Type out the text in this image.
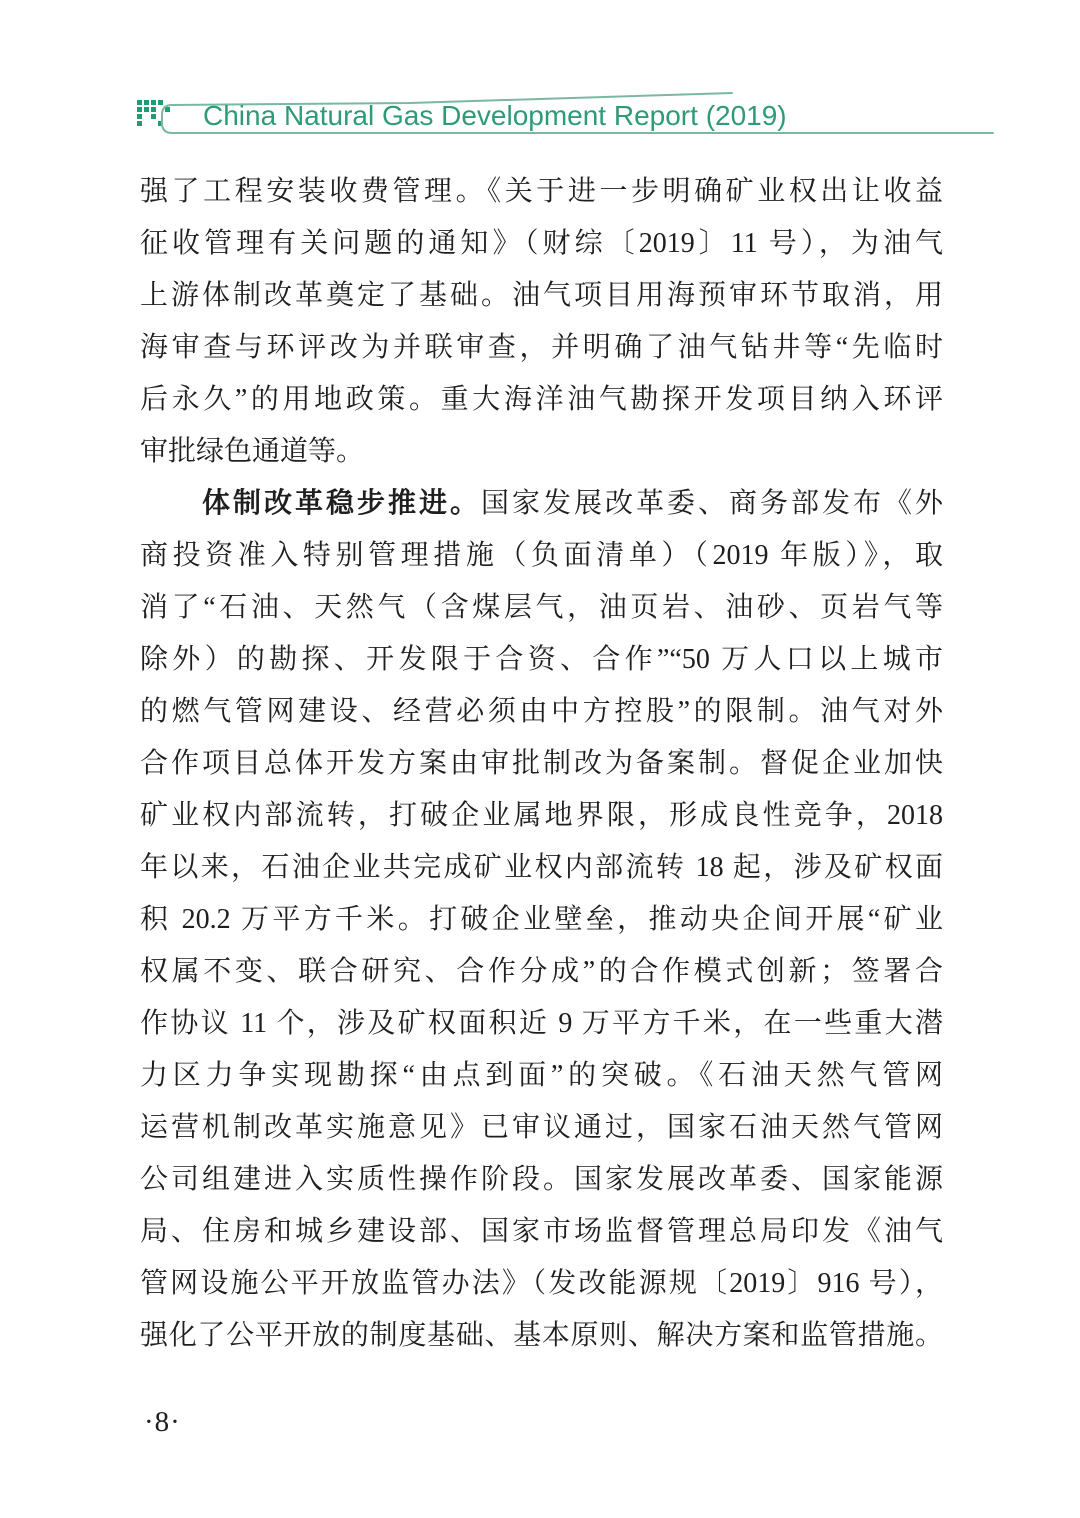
China Natural Gas Development Report (2019)
强了工程安装收费管理。《关于进一步明确矿业权出让收益
征收管理有关问题的通知》（财综〔2019〕11 号），为油气
上游体制改革奠定了基础。油气项目用海预审环节取消，用
海审查与环评改为并联审查，并明确了油气钻井等“先临时
后永久”的用地政策。重大海洋油气勘探开发项目纳入环评
审批绿色通道等。
体制改革稳步推进。国家发展改革委、商务部发布《外
商投资准入特别管理措施（负面清单）（2019 年版）》，取
消了“石油、天然气（含煤层气，油页岩、油砂、页岩气等
除外）的勘探、开发限于合资、合作”“50 万人口以上城市
的燃气管网建设、经营必须由中方控股”的限制。油气对外
合作项目总体开发方案由审批制改为备案制。督促企业加快
矿业权内部流转，打破企业属地界限，形成良性竞争，2018
年以来，石油企业共完成矿业权内部流转 18 起，涉及矿权面
积 20.2 万平方千米。打破企业壁垒，推动央企间开展“矿业
权属不变、联合研究、合作分成”的合作模式创新；签署合
作协议 11 个，涉及矿权面积近 9 万平方千米，在一些重大潜
力区力争实现勘探“由点到面”的突破。《石油天然气管网
运营机制改革实施意见》已审议通过，国家石油天然气管网
公司组建进入实质性操作阶段。国家发展改革委、国家能源
局、住房和城乡建设部、国家市场监督管理总局印发《油气
管网设施公平开放监管办法》（发改能源规〔2019〕916 号），
强化了公平开放的制度基础、基本原则、解决方案和监管措施。
·8·
